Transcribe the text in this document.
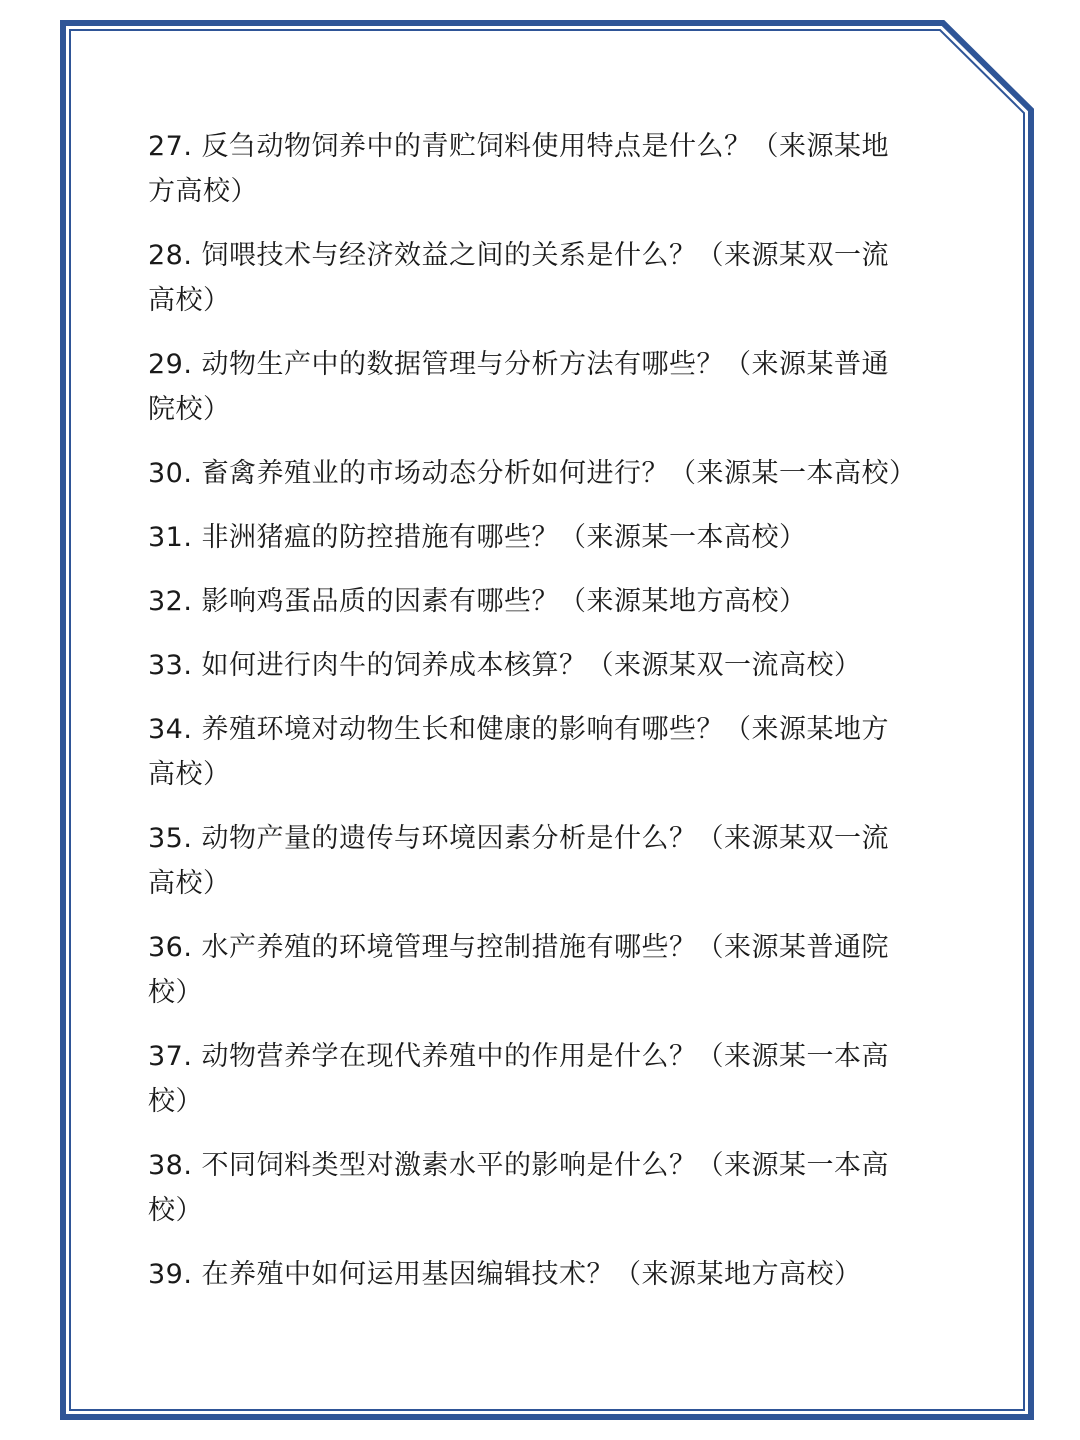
27. 反刍动物饲养中的青贮饲料使用特点是什么？（来源某地
方高校）
28. 饲喂技术与经济效益之间的关系是什么？（来源某双一流
高校）
29. 动物生产中的数据管理与分析方法有哪些？（来源某普通
院校）
30. 畜禽养殖业的市场动态分析如何进行？（来源某一本高校）
31. 非洲猪瘟的防控措施有哪些？（来源某一本高校）
32. 影响鸡蛋品质的因素有哪些？（来源某地方高校）
33. 如何进行肉牛的饲养成本核算？（来源某双一流高校）
34. 养殖环境对动物生长和健康的影响有哪些？（来源某地方
高校）
35. 动物产量的遗传与环境因素分析是什么？（来源某双一流
高校）
36. 水产养殖的环境管理与控制措施有哪些？（来源某普通院
校）
37. 动物营养学在现代养殖中的作用是什么？（来源某一本高
校）
38. 不同饲料类型对激素水平的影响是什么？（来源某一本高
校）
39. 在养殖中如何运用基因编辑技术？（来源某地方高校）
